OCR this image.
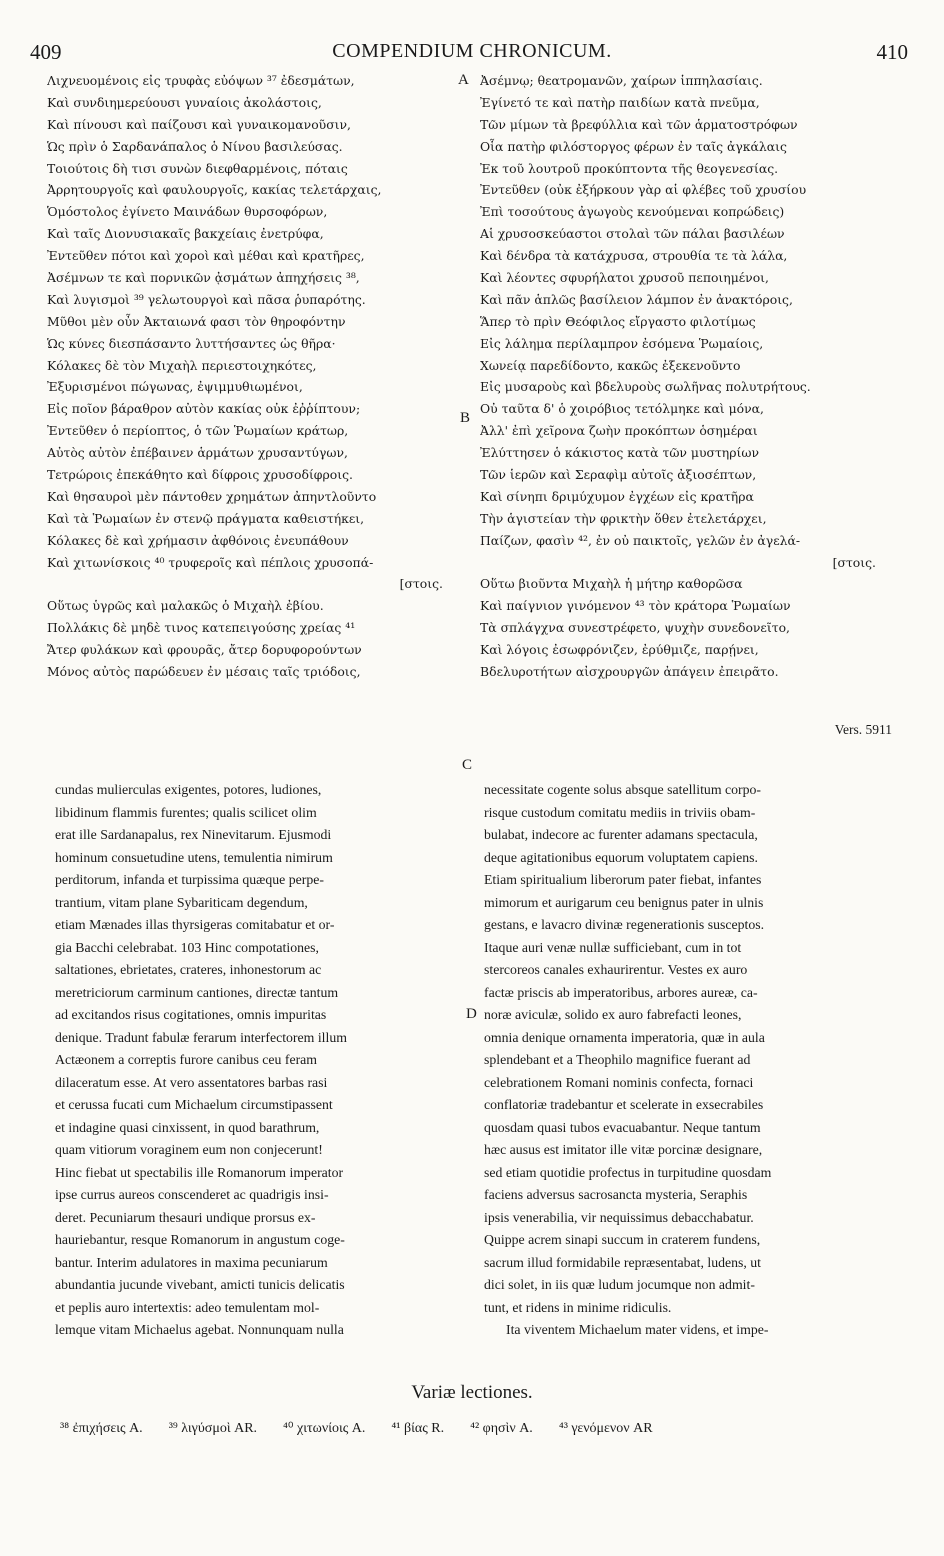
409	COMPENDIUM CHRONICUM.	410
A
B
C
D
Λιχνευομένοις εἰς τρυφὰς εὐόψων ³⁷ ἐδεσμάτων,
Καὶ συνδιημερεύουσι γυναίοις ἀκολάστοις,
Καὶ πίνουσι καὶ παίζουσι καὶ γυναικομανοῦσιν,
Ὡς πρὶν ὁ Σαρδανάπαλος ὁ Νίνου βασιλεύσας.
Τοιούτοις δὴ τισι συνὼν διεφθαρμένοις, πόταις
Ἀρρητουργοῖς καὶ φαυλουργοῖς, κακίας τελετάρχαις,
Ὁμόστολος ἐγίνετο Μαινάδων θυρσοφόρων,
Καὶ ταῖς Διονυσιακαῖς βακχείαις ἐνετρύφα,
Ἐντεῦθεν πότοι καὶ χοροὶ καὶ μέθαι καὶ κρατῆρες,
Ἀσέμνων τε καὶ πορνικῶν ᾀσμάτων ἀπηχήσεις ³⁸,
Καὶ λυγισμοὶ ³⁹ γελωτουργοὶ καὶ πᾶσα ῥυπαρότης.
Μῦθοι μὲν οὖν Ἀκταιωνά φασι τὸν θηροφόντην
Ὡς κύνες διεσπάσαντο λυττήσαντες ὡς θῆρα·
Κόλακες δὲ τὸν Μιχαὴλ περιεστοιχηκότες,
Ἐξυρισμένοι πώγωνας, ἐψιμμυθιωμένοι,
Εἰς ποῖον βάραθρον αὐτὸν κακίας οὐκ ἐῤῥίπτουν;
Ἐντεῦθεν ὁ περίοπτος, ὁ τῶν Ῥωμαίων κράτωρ,
Αὐτὸς αὐτὸν ἐπέβαινεν ἁρμάτων χρυσαντύγων,
Τετρώροις ἐπεκάθητο καὶ δίφροις χρυσοδίφροις.
Καὶ θησαυροὶ μὲν πάντοθεν χρημάτων ἀπηντλοῦντο
Καὶ τὰ Ῥωμαίων ἐν στενῷ πράγματα καθειστήκει,
Κόλακες δὲ καὶ χρήμασιν ἀφθόνοις ἐνευπάθουν
Καὶ χιτωνίσκοις ⁴⁰ τρυφεροῖς καὶ πέπλοις χρυσοπά-
[στοις.
Οὕτως ὑγρῶς καὶ μαλακῶς ὁ Μιχαὴλ ἐβίου.
Πολλάκις δὲ μηδὲ τινος κατεπειγούσης χρείας ⁴¹
Ἄτερ φυλάκων καὶ φρουρᾶς, ἄτερ δορυφορούντων
Μόνος αὐτὸς παρώδευεν ἐν μέσαις ταῖς τριόδοις,
Ἀσέμνῳ; θεατρομανῶν, χαίρων ἱππηλασίαις.
Ἐγίνετό τε καὶ πατὴρ παιδίων κατὰ πνεῦμα,
Τῶν μίμων τὰ βρεφύλλια καὶ τῶν ἁρματοστρόφων
Οἷα πατὴρ φιλόστοργος φέρων ἐν ταῖς ἀγκάλαις
Ἐκ τοῦ λουτροῦ προκύπτοντα τῆς θεογενεσίας.
Ἐντεῦθεν (οὐκ ἐξήρκουν γὰρ αἱ φλέβες τοῦ χρυσίου
Ἐπὶ τοσούτους ἀγωγοὺς κενούμεναι κοπρώδεις)
Αἱ χρυσοσκεύαστοι στολαὶ τῶν πάλαι βασιλέων
Καὶ δένδρα τὰ κατάχρυσα, στρουθία τε τὰ λάλα,
Καὶ λέοντες σφυρήλατοι χρυσοῦ πεποιημένοι,
Καὶ πᾶν ἁπλῶς βασίλειον λάμπον ἐν ἀνακτόροις,
Ἅπερ τὸ πρὶν Θεόφιλος εἴργαστο φιλοτίμως
Εἰς λάλημα περίλαμπρον ἐσόμενα Ῥωμαίοις,
Χωνείᾳ παρεδίδοντο, κακῶς ἐξεκενοῦντο
Εἰς μυσαροὺς καὶ βδελυροὺς σωλῆνας πολυτρήτους.
Οὐ ταῦτα δ' ὁ χοιρόβιος τετόλμηκε καὶ μόνα,
Ἀλλ' ἐπὶ χεῖρονα ζωὴν προκόπτων ὁσημέραι
Ἐλύττησεν ὁ κάκιστος κατὰ τῶν μυστηρίων
Τῶν ἱερῶν καὶ Σεραφὶμ αὐτοῖς ἀξιοσέπτων,
Καὶ σίνηπι δριμύχυμον ἐγχέων εἰς κρατῆρα
Τὴν ἁγιστείαν τὴν φρικτὴν ὅθεν ἐτελετάρχει,
Παίζων, φασὶν ⁴², ἐν οὐ παικτοῖς, γελῶν ἐν ἀγελά-
[στοις.
Οὕτω βιοῦντα Μιχαὴλ ἡ μήτηρ καθορῶσα
Καὶ παίγνιον γινόμενον ⁴³ τὸν κράτορα Ῥωμαίων
Τὰ σπλάγχνα συνεστρέφετο, ψυχὴν συνεδονεῖτο,
Καὶ λόγοις ἐσωφρόνιζεν, ἐρύθμιζε, παρῄνει,
Βδελυροτήτων αἰσχρουργῶν ἀπάγειν ἐπειρᾶτο.
Vers. 5911
cundas mulierculas exigentes, potores, ludiones,
libidinum flammis furentes; qualis scilicet olim
erat ille Sardanapalus, rex Ninevitarum. Ejusmodi
hominum consuetudine utens, temulentia nimirum
perditorum, infanda et turpissima quæque perpe-
trantium, vitam plane Sybariticam degendum,
etiam Mænades illas thyrsigeras comitabatur et or-
gia Bacchi celebrabat. 103 Hinc compotationes,
saltationes, ebrietates, crateres, inhonestorum ac
meretriciorum carminum cantiones, directæ tantum
ad excitandos risus cogitationes, omnis impuritas
denique. Tradunt fabulæ ferarum interfectorem illum
Actæonem a correptis furore canibus ceu feram
dilaceratum esse. At vero assentatores barbas rasi
et cerussa fucati cum Michaelum circumstipassent
et indagine quasi cinxissent, in quod barathrum,
quam vitiorum voraginem eum non conjecerunt!
Hinc fiebat ut spectabilis ille Romanorum imperator
ipse currus aureos conscenderet ac quadrigis insi-
deret. Pecuniarum thesauri undique prorsus ex-
hauriebantur, resque Romanorum in angustum coge-
bantur. Interim adulatores in maxima pecuniarum
abundantia jucunde vivebant, amicti tunicis delicatis
et peplis auro intertextis: adeo temulentam mol-
lemque vitam Michaelus agebat. Nonnunquam nulla
necessitate cogente solus absque satellitum corpo-
risque custodum comitatu mediis in triviis obam-
bulabat, indecore ac furenter adamans spectacula,
deque agitationibus equorum voluptatem capiens.
Etiam spiritualium liberorum pater fiebat, infantes
mimorum et aurigarum ceu benignus pater in ulnis
gestans, e lavacro divinæ regenerationis susceptos.
Itaque auri venæ nullæ sufficiebant, cum in tot
stercoreos canales exhaurirentur. Vestes ex auro
factæ priscis ab imperatoribus, arbores aureæ, ca-
noræ aviculæ, solido ex auro fabrefacti leones,
omnia denique ornamenta imperatoria, quæ in aula
splendebant et a Theophilo magnifice fuerant ad
celebrationem Romani nominis confecta, fornaci
conflatoriæ tradebantur et scelerate in exsecrabiles
quosdam quasi tubos evacuabantur. Neque tantum
hæc ausus est imitator ille vitæ porcinæ designare,
sed etiam quotidie profectus in turpitudine quosdam
faciens adversus sacrosancta mysteria, Seraphis
ipsis venerabilia, vir nequissimus debacchabatur.
Quippe acrem sinapi succum in craterem fundens,
sacrum illud formidabile repræsentabat, ludens, ut
dici solet, in iis quæ ludum jocumque non admit-
tunt, et ridens in minime ridiculis.
Ita viventem Michaelum mater videns, et impe-
Variæ lectiones.
³⁸ ἐπιχήσεις A. ³⁹ λιγύσμοὶ AR. ⁴⁰ χιτωνίοις A. ⁴¹ βίας R. ⁴² φησὶν A. ⁴³ γενόμενον AR
